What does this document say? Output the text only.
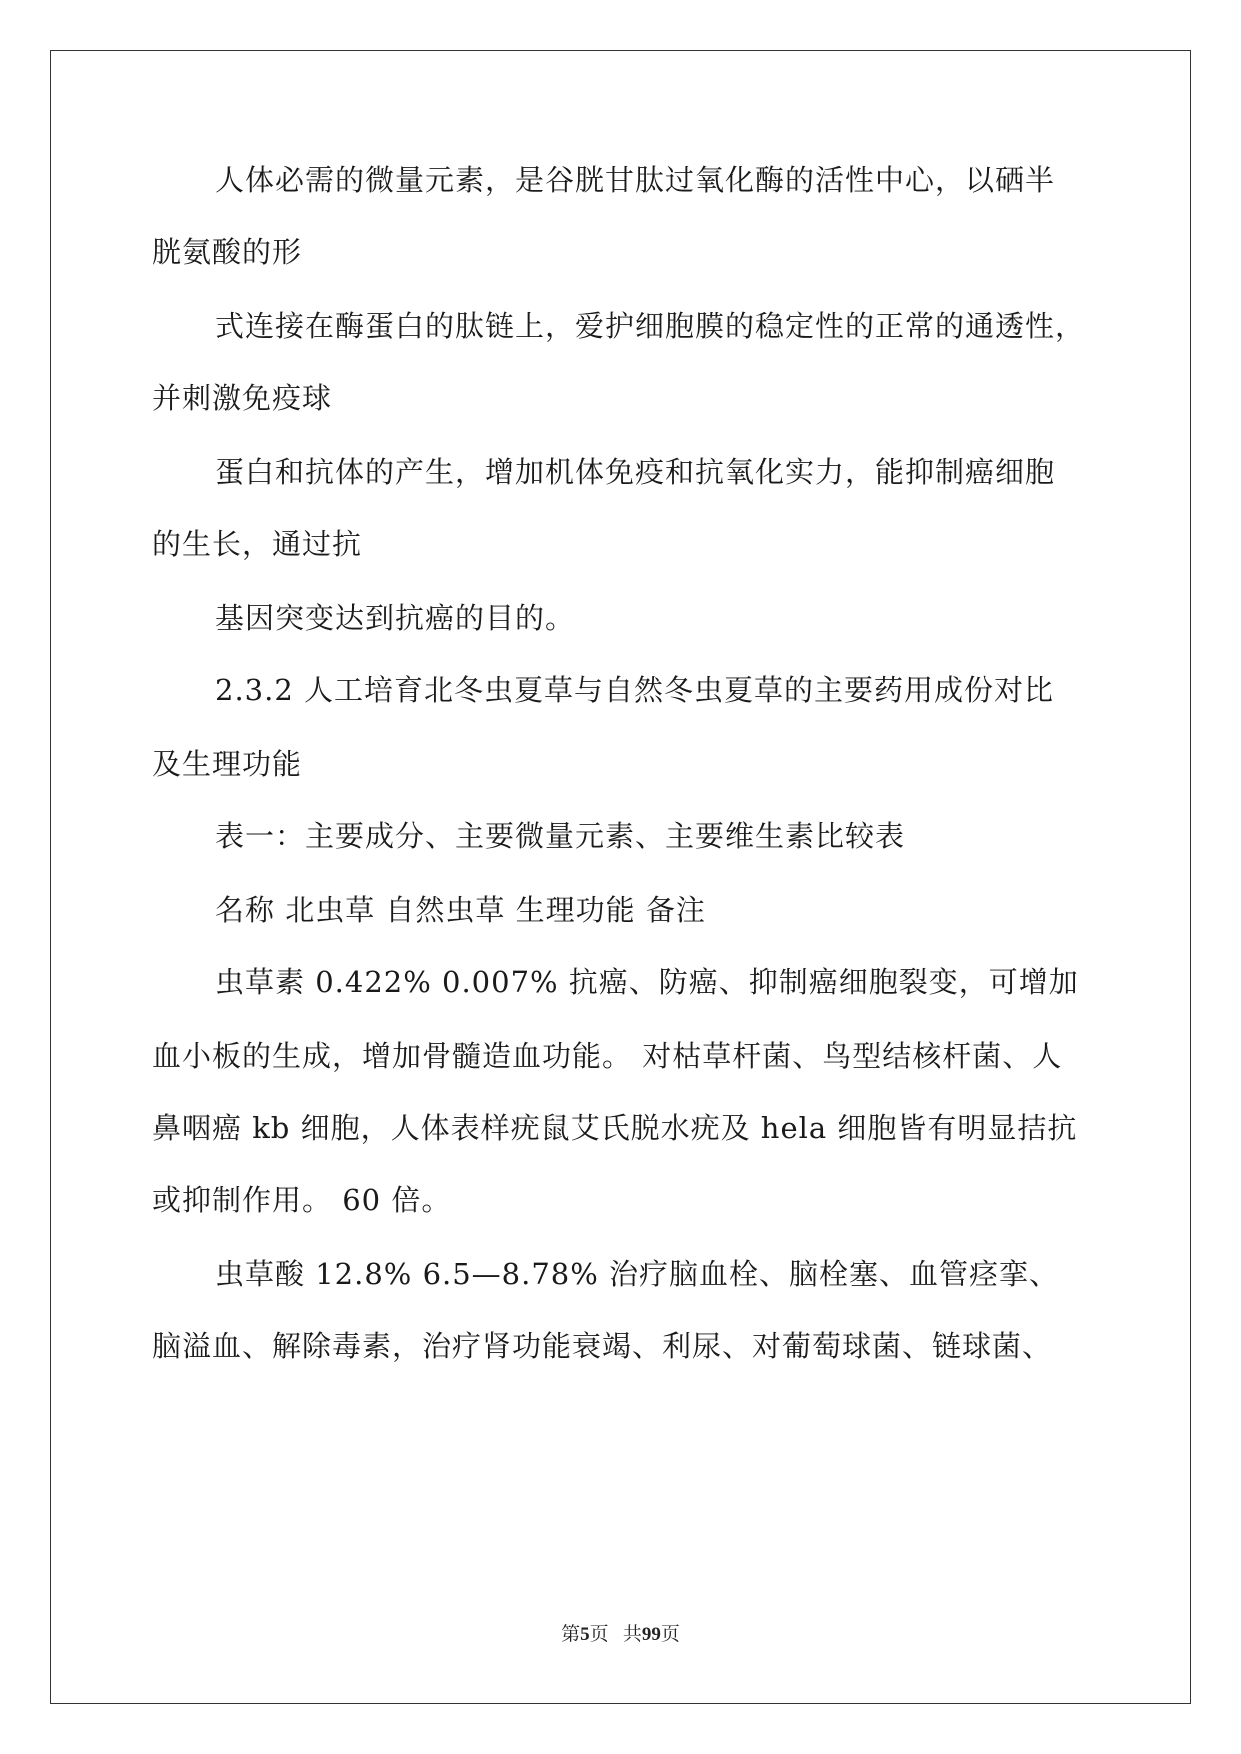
人体必需的微量元素，是谷胱甘肽过氧化酶的活性中心，以硒半
胱氨酸的形
式连接在酶蛋白的肽链上，爱护细胞膜的稳定性的正常的通透性，
并刺激免疫球
蛋白和抗体的产生，增加机体免疫和抗氧化实力，能抑制癌细胞
的生长，通过抗
基因突变达到抗癌的目的。
2.3.2 人工培育北冬虫夏草与自然冬虫夏草的主要药用成份对比
及生理功能
表一：主要成分、主要微量元素、主要维生素比较表
名称 北虫草 自然虫草 生理功能 备注
虫草素 0.422% 0.007% 抗癌、防癌、抑制癌细胞裂变，可增加
血小板的生成，增加骨髓造血功能。 对枯草杆菌、鸟型结核杆菌、人
鼻咽癌 kb 细胞，人体表样疣鼠艾氏脱水疣及 hela 细胞皆有明显拮抗
或抑制作用。 60 倍。
虫草酸 12.8% 6.5—8.78% 治疗脑血栓、脑栓塞、血管痉挛、
脑溢血、解除毒素，治疗肾功能衰竭、利尿、对葡萄球菌、链球菌、
第5页 共99页
